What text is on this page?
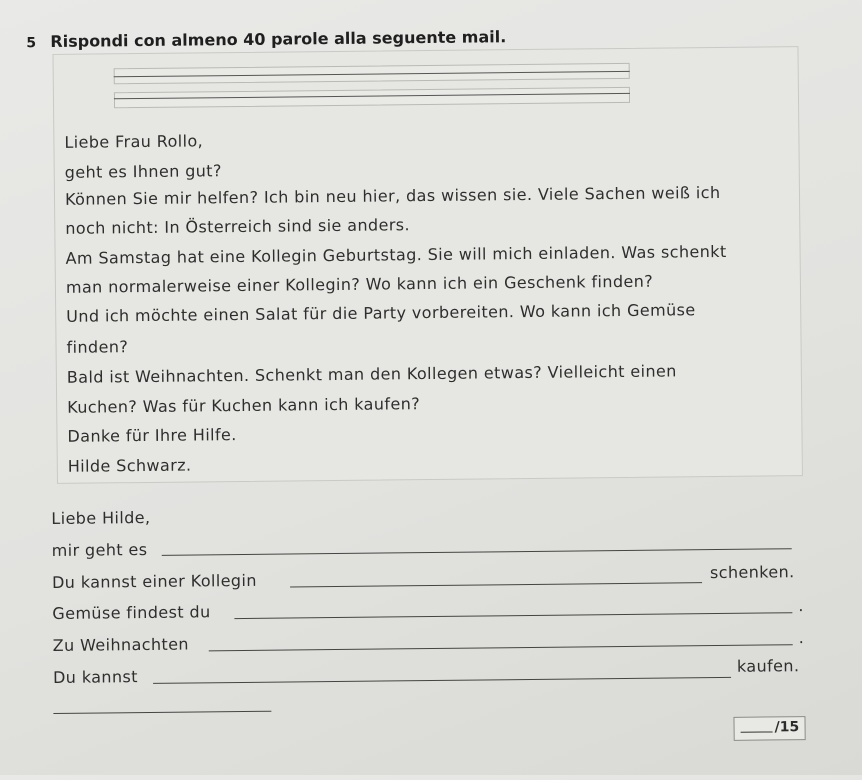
5 Rispondi con almeno 40 parole alla seguente mail.
Liebe Frau Rollo,
geht es Ihnen gut?
Können Sie mir helfen? Ich bin neu hier, das wissen sie. Viele Sachen weiß ich
noch nicht: In Österreich sind sie anders.
Am Samstag hat eine Kollegin Geburtstag. Sie will mich einladen. Was schenkt
man normalerweise einer Kollegin? Wo kann ich ein Geschenk finden?
Und ich möchte einen Salat für die Party vorbereiten. Wo kann ich Gemüse
finden?
Bald ist Weihnachten. Schenkt man den Kollegen etwas? Vielleicht einen
Kuchen? Was für Kuchen kann ich kaufen?
Danke für Ihre Hilfe.
Hilde Schwarz.
Liebe Hilde,
mir geht es
Du kannst einer Kollegin	schenken.
Gemüse findest du	.
Zu Weihnachten	.
Du kannst
kaufen.
/15
